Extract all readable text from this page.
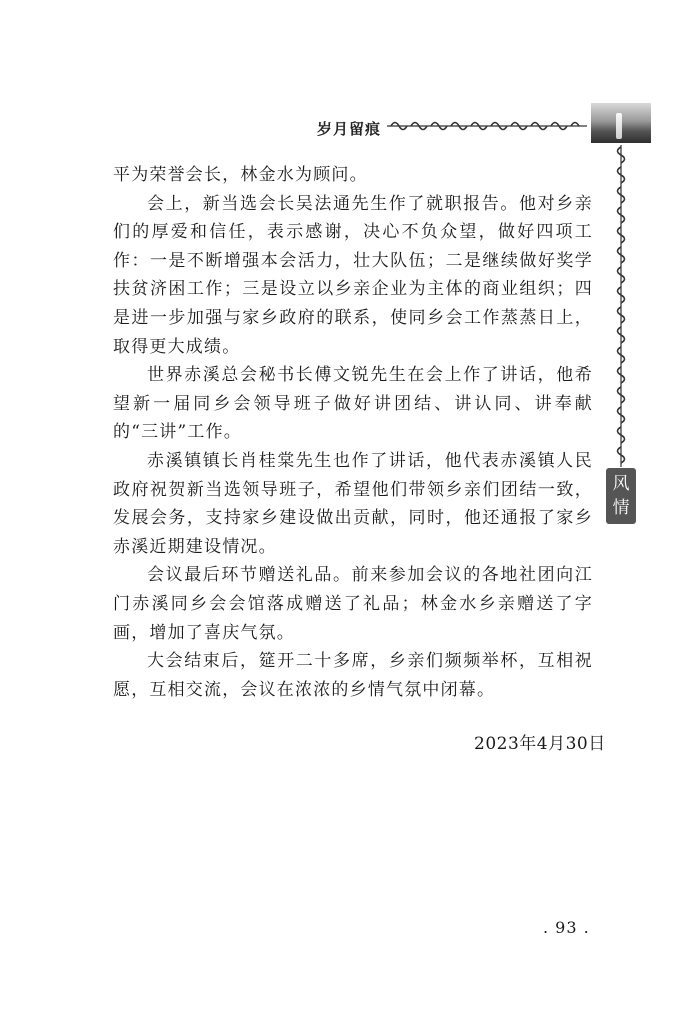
岁月留痕
风情

平为荣誉会长，林金水为顾问。

会上，新当选会长吴法通先生作了就职报告。他对乡亲们的厚爱和信任，表示感谢，决心不负众望，做好四项工作：一是不断增强本会活力，壮大队伍；二是继续做好奖学扶贫济困工作；三是设立以乡亲企业为主体的商业组织；四是进一步加强与家乡政府的联系，使同乡会工作蒸蒸日上，取得更大成绩。

世界赤溪总会秘书长傅文锐先生在会上作了讲话，他希望新一届同乡会领导班子做好讲团结、讲认同、讲奉献的“三讲”工作。

赤溪镇镇长肖桂棠先生也作了讲话，他代表赤溪镇人民政府祝贺新当选领导班子，希望他们带领乡亲们团结一致，发展会务，支持家乡建设做出贡献，同时，他还通报了家乡赤溪近期建设情况。

会议最后环节赠送礼品。前来参加会议的各地社团向江门赤溪同乡会会馆落成赠送了礼品；林金水乡亲赠送了字画，增加了喜庆气氛。

大会结束后，筵开二十多席，乡亲们频频举杯，互相祝愿，互相交流，会议在浓浓的乡情气氛中闭幕。

2023年4月30日
. 93 .
